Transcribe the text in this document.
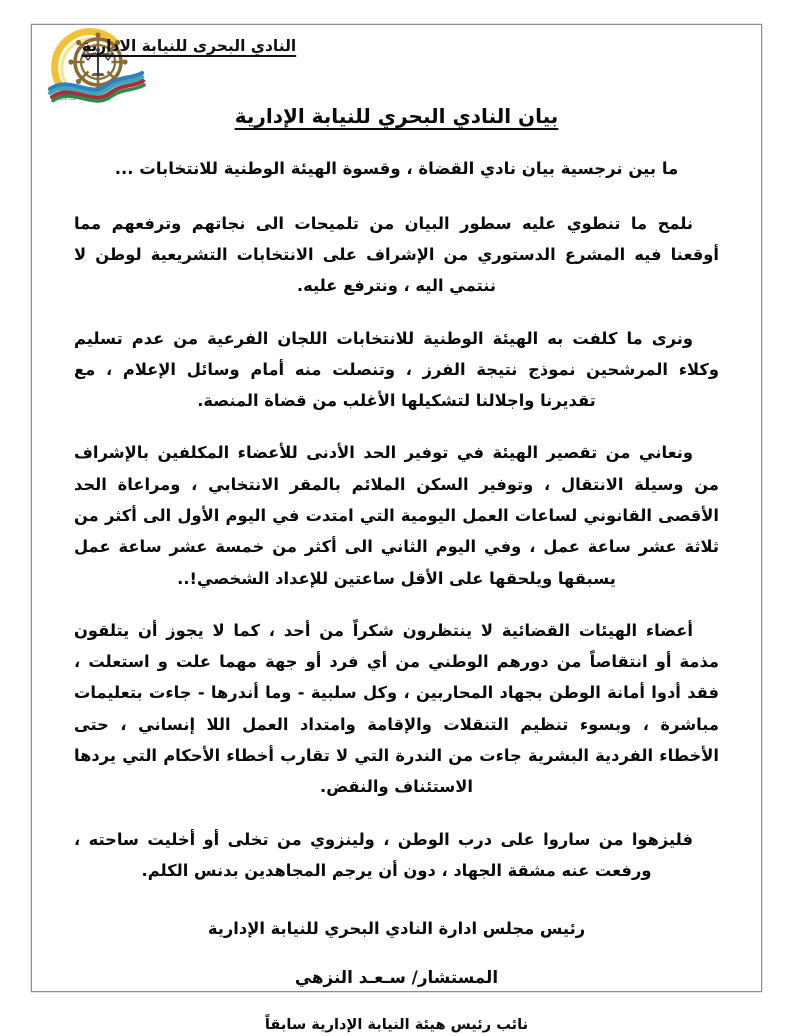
النادي البحري
للنيابة الادارية
النادي البحرى للنيابة الادارية
بيان النادي البحري للنيابة الإدارية

ما بين نرجسية بيان نادي القضاة ، وقسوة الهيئة الوطنية للانتخابات ...

نلمح ما تنطوي عليه سطور البيان من تلميحات الى نجاتهم وترفعهم مما أوقعنا فيه المشرع الدستوري من الإشراف على الانتخابات التشريعية لوطن لا ننتمي اليه ، ونترفع عليه.

ونرى ما كلفت به الهيئة الوطنية للانتخابات اللجان الفرعية من عدم تسليم وكلاء المرشحين نموذج نتيجة الفرز ، وتنصلت منه أمام وسائل الإعلام ، مع تقديرنا واجلالنا لتشكيلها الأغلب من قضاة المنصة.

ونعاني من تقصير الهيئة في توفير الحد الأدنى للأعضاء المكلفين بالإشراف من وسيلة الانتقال ، وتوفير السكن الملائم بالمقر الانتخابي ، ومراعاة الحد الأقصى القانوني لساعات العمل اليومية التي امتدت في اليوم الأول الى أكثر من ثلاثة عشر ساعة عمل ، وفي اليوم الثاني الى أكثر من خمسة عشر ساعة عمل يسبقها ويلحقها على الأقل ساعتين للإعداد الشخصي!..

أعضاء الهيئات القضائية لا ينتظرون شكراً من أحد ، كما لا يجوز أن يتلقون مذمة أو انتقاصاً من دورهم الوطني من أي فرد أو جهة مهما علت و استعلت ، فقد أدوا أمانة الوطن بجهاد المحاربين ، وكل سلبية - وما أندرها - جاءت بتعليمات مباشرة ، وبسوء تنظيم التنقلات والإقامة وامتداد العمل اللا إنساني ، حتى الأخطاء الفردية البشرية جاءت من الندرة التي لا تقارب أخطاء الأحكام التي يردها الاستئناف والنقض.

فليزهوا من ساروا على درب الوطن ، ولينزوي من تخلى أو أخليت ساحته ، ورفعت عنه مشقة الجهاد ، دون أن يرجم المجاهدين بدنس الكلم.

رئيس مجلس ادارة النادي البحري للنيابة الإدارية
المستشار/ سـعـد النزهي
نائب رئيس هيئة النيابة الإدارية سابقاً
